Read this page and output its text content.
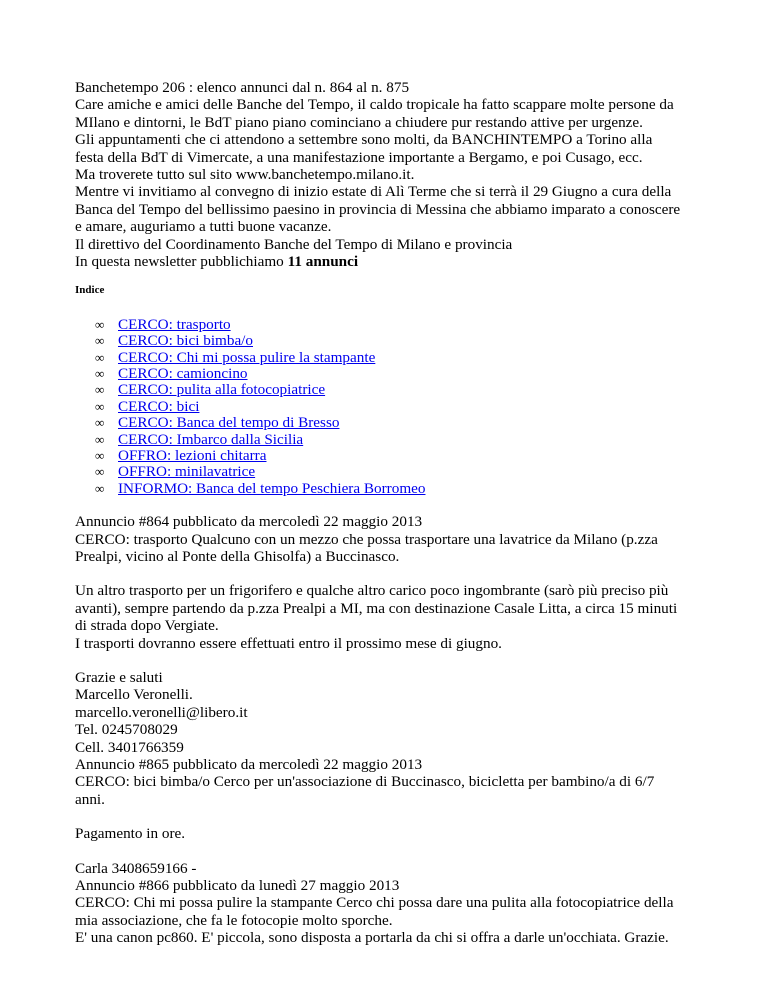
Banchetempo 206 : elenco annunci dal n. 864 al n. 875
Care amiche e amici delle Banche del Tempo, il caldo tropicale ha fatto scappare molte persone da
MIlano e dintorni, le BdT piano piano cominciano a chiudere pur restando attive per urgenze.
Gli appuntamenti che ci attendono a settembre sono molti, da BANCHINTEMPO a Torino alla
festa della BdT di Vimercate, a una manifestazione importante a Bergamo, e poi Cusago, ecc.
Ma troverete tutto sul sito www.banchetempo.milano.it.
Mentre vi invitiamo al convegno di inizio estate di Alì Terme che si terrà il 29 Giugno a cura della
Banca del Tempo del bellissimo paesino in provincia di Messina che abbiamo imparato a conoscere
e amare, auguriamo a tutti buone vacanze.
Il direttivo del Coordinamento Banche del Tempo di Milano e provincia
In questa newsletter pubblichiamo 11 annunci
Indice
∞ CERCO: trasporto
∞ CERCO: bici bimba/o
∞ CERCO: Chi mi possa pulire la stampante
∞ CERCO: camioncino
∞ CERCO: pulita alla fotocopiatrice
∞ CERCO: bici
∞ CERCO: Banca del tempo di Bresso
∞ CERCO: Imbarco dalla Sicilia
∞ OFFRO: lezioni chitarra
∞ OFFRO: minilavatrice
∞ INFORMO: Banca del tempo Peschiera Borromeo
Annuncio #864 pubblicato da mercoledì 22 maggio 2013
CERCO: trasporto Qualcuno con un mezzo che possa trasportare una lavatrice da Milano (p.zza
Prealpi, vicino al Ponte della Ghisolfa) a Buccinasco.
Un altro trasporto per un frigorifero e qualche altro carico poco ingombrante (sarò più preciso più
avanti), sempre partendo da p.zza Prealpi a MI, ma con destinazione Casale Litta, a circa 15 minuti
di strada dopo Vergiate.
I trasporti dovranno essere effettuati entro il prossimo mese di giugno.
Grazie e saluti
Marcello Veronelli.
marcello.veronelli@libero.it
Tel. 0245708029
Cell. 3401766359
Annuncio #865 pubblicato da mercoledì 22 maggio 2013
CERCO: bici bimba/o Cerco per un'associazione di Buccinasco, bicicletta per bambino/a di 6/7
anni.
Pagamento in ore.
Carla 3408659166 -
Annuncio #866 pubblicato da lunedì 27 maggio 2013
CERCO: Chi mi possa pulire la stampante Cerco chi possa dare una pulita alla fotocopiatrice della
mia associazione, che fa le fotocopie molto sporche.
E' una canon pc860. E' piccola, sono disposta a portarla da chi si offra a darle un'occhiata. Grazie.
